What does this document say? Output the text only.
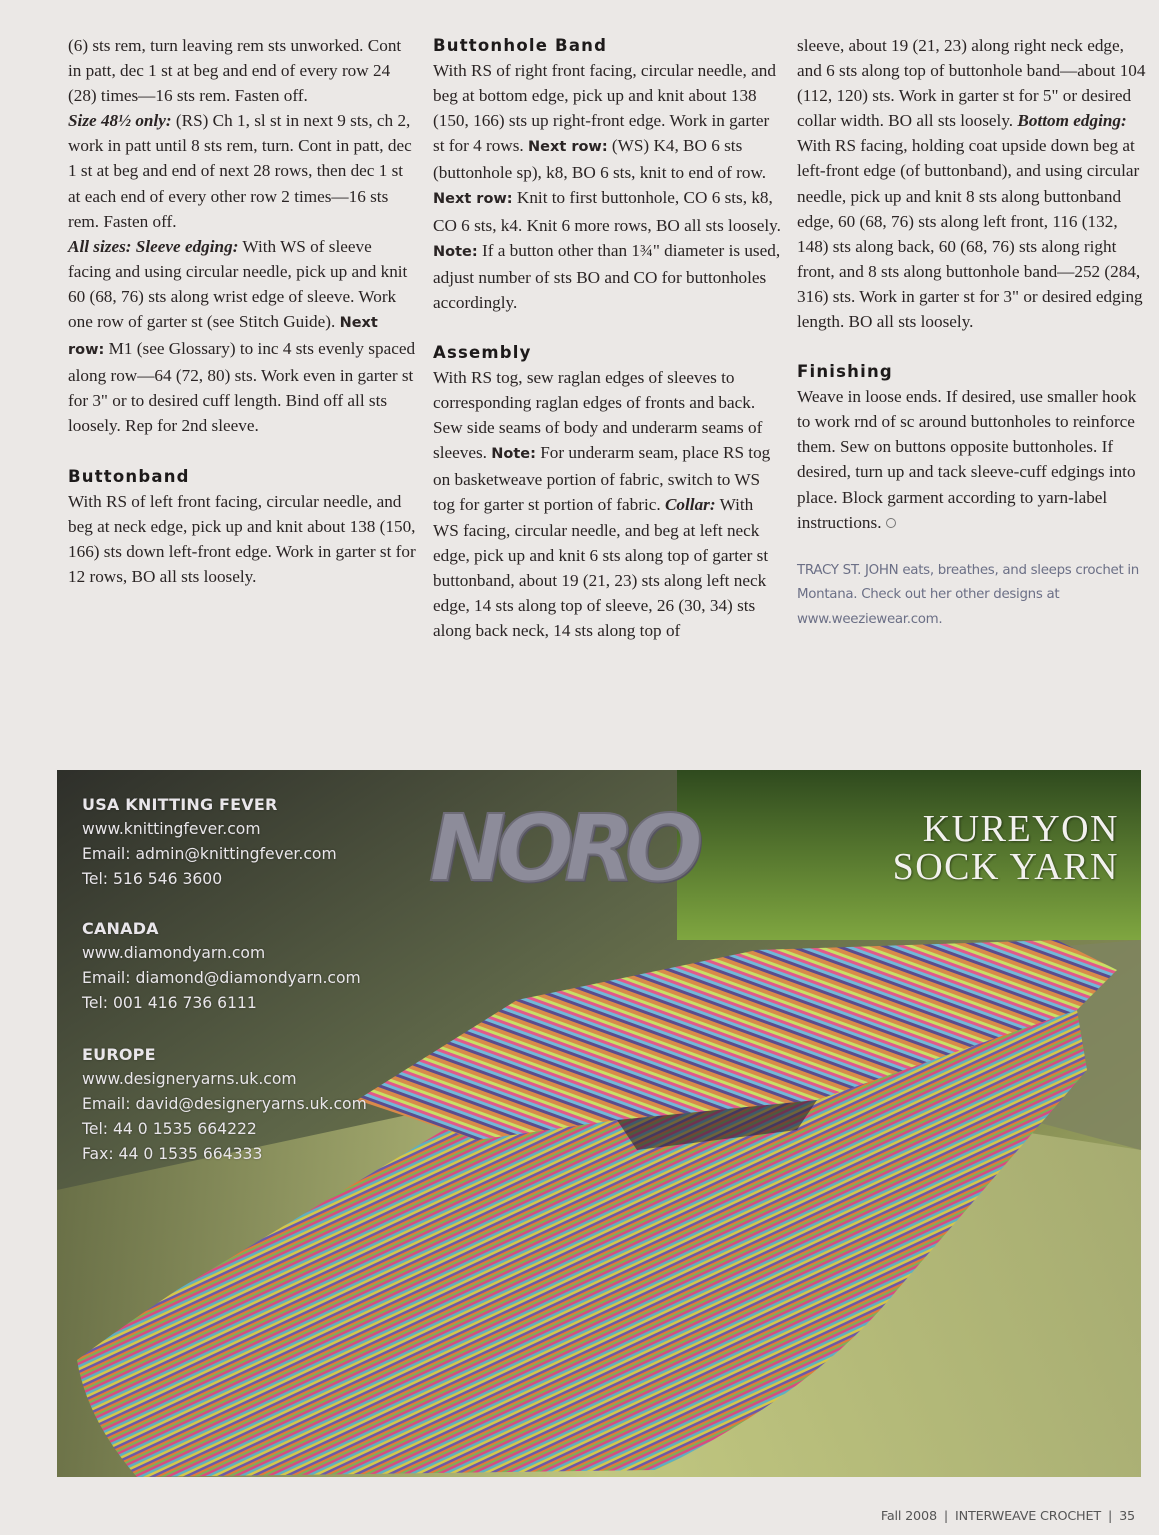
(6) sts rem, turn leaving rem sts unworked. Cont in patt, dec 1 st at beg and end of every row 24 (28) times—16 sts rem. Fasten off.

Size 48½ only: (RS) Ch 1, sl st in next 9 sts, ch 2, work in patt until 8 sts rem, turn. Cont in patt, dec 1 st at beg and end of next 28 rows, then dec 1 st at each end of every other row 2 times—16 sts rem. Fasten off.

All sizes: Sleeve edging: With WS of sleeve facing and using circular needle, pick up and knit 60 (68, 76) sts along wrist edge of sleeve. Work one row of garter st (see Stitch Guide). Next row: M1 (see Glossary) to inc 4 sts evenly spaced along row—64 (72, 80) sts. Work even in garter st for 3" or to desired cuff length. Bind off all sts loosely. Rep for 2nd sleeve.

Buttonband

With RS of left front facing, circular needle, and beg at neck edge, pick up and knit about 138 (150, 166) sts down left-front edge. Work in garter st for 12 rows, BO all sts loosely.

Buttonhole Band

With RS of right front facing, circular needle, and beg at bottom edge, pick up and knit about 138 (150, 166) sts up right-front edge. Work in garter st for 4 rows. Next row: (WS) K4, BO 6 sts (buttonhole sp), k8, BO 6 sts, knit to end of row. Next row: Knit to first buttonhole, CO 6 sts, k8, CO 6 sts, k4. Knit 6 more rows, BO all sts loosely. Note: If a button other than 1¾" diameter is used, adjust number of sts BO and CO for buttonholes accordingly.

Assembly

With RS tog, sew raglan edges of sleeves to corresponding raglan edges of fronts and back. Sew side seams of body and underarm seams of sleeves. Note: For underarm seam, place RS tog on basketweave portion of fabric, switch to WS tog for garter st portion of fabric. Collar: With WS facing, circular needle, and beg at left neck edge, pick up and knit 6 sts along top of garter st buttonband, about 19 (21, 23) sts along left neck edge, 14 sts along top of sleeve, 26 (30, 34) sts along back neck, 14 sts along top of

sleeve, about 19 (21, 23) along right neck edge, and 6 sts along top of buttonhole band—about 104 (112, 120) sts. Work in garter st for 5" or desired collar width. BO all sts loosely. Bottom edging: With RS facing, holding coat upside down beg at left-front edge (of buttonband), and using circular needle, pick up and knit 8 sts along buttonband edge, 60 (68, 76) sts along left front, 116 (132, 148) sts along back, 60 (68, 76) sts along right front, and 8 sts along buttonhole band—252 (284, 316) sts. Work in garter st for 3" or desired edging length. BO all sts loosely.

Finishing

Weave in loose ends. If desired, use smaller hook to work rnd of sc around buttonholes to reinforce them. Sew on buttons opposite buttonholes. If desired, turn up and tack sleeve-cuff edgings into place. Block garment according to yarn-label instructions.

TRACY ST. JOHN eats, breathes, and sleeps crochet in Montana. Check out her other designs at www.weeziewear.com.

NORO	KUREYON
SOCK YARN
USA KNITTING FEVER
www.knittingfever.com
Email: admin@knittingfever.com
Tel: 516 546 3600
CANADA
www.diamondyarn.com
Email: diamond@diamondyarn.com
Tel: 001 416 736 6111
EUROPE
www.designeryarns.uk.com
Email: david@designeryarns.uk.com
Tel: 44 0 1535 664222
Fax: 44 0 1535 664333
Fall 2008 | INTERWEAVE CROCHET | 35
